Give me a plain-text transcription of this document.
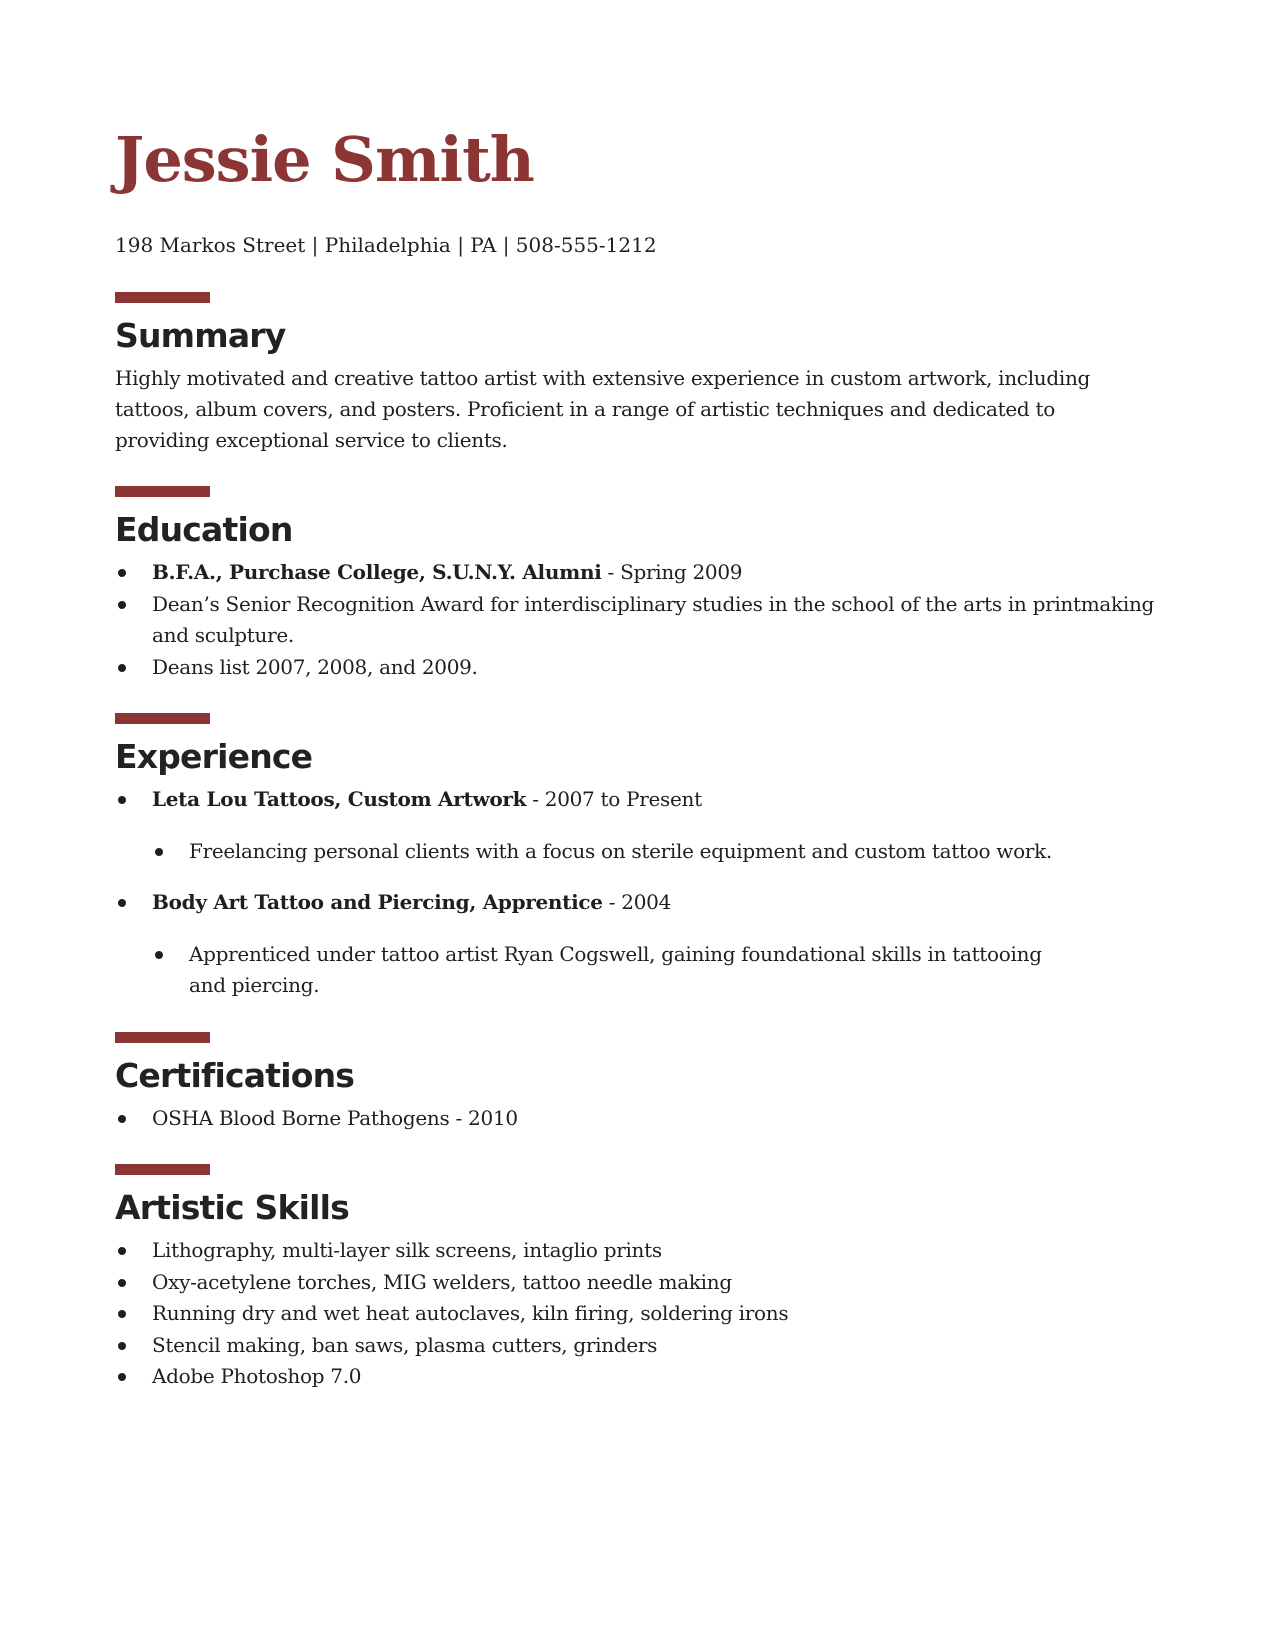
Jessie Smith
198 Markos Street | Philadelphia | PA | 508-555-1212
Summary

Highly motivated and creative tattoo artist with extensive experience in custom artwork, including tattoos, album covers, and posters. Proficient in a range of artistic techniques and dedicated to providing exceptional service to clients.

Education
B.F.A., Purchase College, S.U.N.Y. Alumni - Spring 2009
Dean’s Senior Recognition Award for interdisciplinary studies in the school of the arts in printmaking and sculpture.
Deans list 2007, 2008, and 2009.
Experience
Leta Lou Tattoos, Custom Artwork - 2007 to Present
Freelancing personal clients with a focus on sterile equipment and custom tattoo work.
Body Art Tattoo and Piercing, Apprentice - 2004
Apprenticed under tattoo artist Ryan Cogswell, gaining foundational skills in tattooing and piercing.
Certifications
OSHA Blood Borne Pathogens - 2010
Artistic Skills
Lithography, multi-layer silk screens, intaglio prints
Oxy-acetylene torches, MIG welders, tattoo needle making
Running dry and wet heat autoclaves, kiln firing, soldering irons
Stencil making, ban saws, plasma cutters, grinders
Adobe Photoshop 7.0
